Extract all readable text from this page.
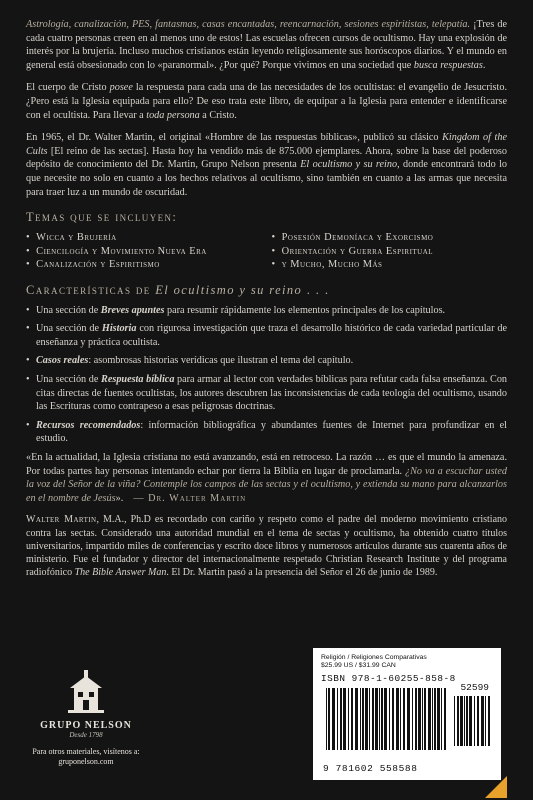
Astrología, canalización, PES, fantasmas, casas encantadas, reencarnación, sesiones espiritistas, telepatía. ¡Tres de cada cuatro personas creen en al menos uno de estos! Las escuelas ofrecen cursos de ocultismo. Hay una explosión de interés por la brujería. Incluso muchos cristianos están leyendo religiosamente sus horóscopos diarios. Y el mundo en general está obsesionado con lo «paranormal». ¿Por qué? Porque vivimos en una sociedad que busca respuestas.

El cuerpo de Cristo posee la respuesta para cada una de las necesidades de los ocultistas: el evangelio de Jesucristo. ¿Pero está la Iglesia equipada para ello? De eso trata este libro, de equipar a la Iglesia para entender e identificarse con el ocultista. Para llevar a toda persona a Cristo.

En 1965, el Dr. Walter Martin, el original «Hombre de las respuestas bíblicas», publicó su clásico Kingdom of the Cults [El reino de las sectas]. Hasta hoy ha vendido más de 875.000 ejemplares. Ahora, sobre la base del poderoso depósito de conocimiento del Dr. Martin, Grupo Nelson presenta El ocultismo y su reino, donde encontrará todo lo que necesite no solo en cuanto a los hechos relativos al ocultismo, sino también en cuanto a las armas que necesita para traer luz a un mundo de oscuridad.

Temas que se incluyen:
• Wicca y Brujería
• Ciencilogía y Movimiento Nueva Era
• Canalización y Espiritismo
• Posesión Demoníaca y Exorcismo
• Orientación y Guerra Espiritual
• y Mucho, Mucho Más
Características de El ocultismo y su reino . . .
• Una sección de Breves apuntes para resumir rápidamente los elementos principales de los capítulos.
• Una sección de Historia con rigurosa investigación que traza el desarrollo histórico de cada variedad particular de enseñanza y práctica ocultista.
• Casos reales: asombrosas historias verídicas que ilustran el tema del capítulo.
• Una sección de Respuesta bíblica para armar al lector con verdades bíblicas para refutar cada falsa enseñanza. Con citas directas de fuentes ocultistas, los autores descubren las inconsistencias de cada teología del ocultismo, usando las Escrituras como contrapeso a esas peligrosas doctrinas.
• Recursos recomendados: información bibliográfica y abundantes fuentes de Internet para profundizar en el estudio.

«En la actualidad, la Iglesia cristiana no está avanzando, está en retroceso. La razón … es que el mundo la amenaza. Por todas partes hay personas intentando echar por tierra la Biblia en lugar de proclamarla. ¿No va a escuchar usted la voz del Señor de la viña? Contemple los campos de las sectas y el ocultismo, y extienda su mano para alcanzarlos en el nombre de Jesús». — Dr. Walter Martin

Walter Martin, M.A., Ph.D es recordado con cariño y respeto como el padre del moderno movimiento cristiano contra las sectas. Considerado una autoridad mundial en el tema de sectas y ocultismo, ha obtenido cuatro títulos universitarios, impartido miles de conferencias y escrito doce libros y numerosos artículos durante sus cuarenta años de ministerio. Fue el fundador y director del internacionalmente respetado Christian Research Institute y del programa radiofónico The Bible Answer Man. El Dr. Martin pasó a la presencia del Señor el 26 de junio de 1989.

GRUPO NELSON
Desde 1798
Para otros materiales, visítenos a:
gruponelson.com
Religión / Religiones Comparativas
$25.99 US / $31.99 CAN
ISBN 978-1-60255-858-8
52599
9 781602 558588
